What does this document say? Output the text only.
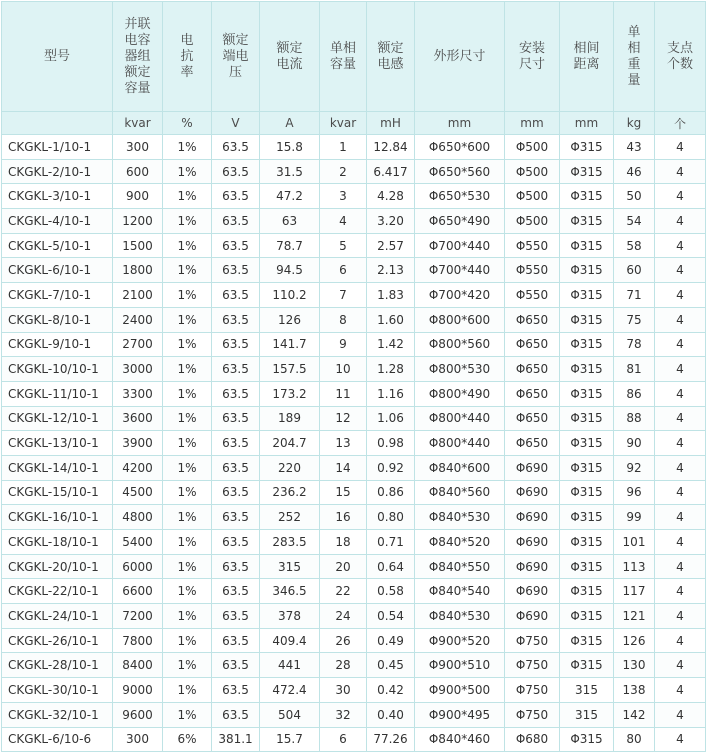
型号	并联
电容
器组
额定
容量	电
抗
率	额定
端电
压	额定
电流	单相
容量	额定
电感	外形尺寸	安装
尺寸	相间
距离	单
相
重
量	支点
个数
	kvar	%	V	A	kvar	mH	mm	mm	mm	kg	个
CKGKL-1/10-1	300	1%	63.5	15.8	1	12.84	Φ650*600	Φ500	Φ315	43	4
CKGKL-2/10-1	600	1%	63.5	31.5	2	6.417	Φ650*560	Φ500	Φ315	46	4
CKGKL-3/10-1	900	1%	63.5	47.2	3	4.28	Φ650*530	Φ500	Φ315	50	4
CKGKL-4/10-1	1200	1%	63.5	63	4	3.20	Φ650*490	Φ500	Φ315	54	4
CKGKL-5/10-1	1500	1%	63.5	78.7	5	2.57	Φ700*440	Φ550	Φ315	58	4
CKGKL-6/10-1	1800	1%	63.5	94.5	6	2.13	Φ700*440	Φ550	Φ315	60	4
CKGKL-7/10-1	2100	1%	63.5	110.2	7	1.83	Φ700*420	Φ550	Φ315	71	4
CKGKL-8/10-1	2400	1%	63.5	126	8	1.60	Φ800*600	Φ650	Φ315	75	4
CKGKL-9/10-1	2700	1%	63.5	141.7	9	1.42	Φ800*560	Φ650	Φ315	78	4
CKGKL-10/10-1	3000	1%	63.5	157.5	10	1.28	Φ800*530	Φ650	Φ315	81	4
CKGKL-11/10-1	3300	1%	63.5	173.2	11	1.16	Φ800*490	Φ650	Φ315	86	4
CKGKL-12/10-1	3600	1%	63.5	189	12	1.06	Φ800*440	Φ650	Φ315	88	4
CKGKL-13/10-1	3900	1%	63.5	204.7	13	0.98	Φ800*440	Φ650	Φ315	90	4
CKGKL-14/10-1	4200	1%	63.5	220	14	0.92	Φ840*600	Φ690	Φ315	92	4
CKGKL-15/10-1	4500	1%	63.5	236.2	15	0.86	Φ840*560	Φ690	Φ315	96	4
CKGKL-16/10-1	4800	1%	63.5	252	16	0.80	Φ840*530	Φ690	Φ315	99	4
CKGKL-18/10-1	5400	1%	63.5	283.5	18	0.71	Φ840*520	Φ690	Φ315	101	4
CKGKL-20/10-1	6000	1%	63.5	315	20	0.64	Φ840*550	Φ690	Φ315	113	4
CKGKL-22/10-1	6600	1%	63.5	346.5	22	0.58	Φ840*540	Φ690	Φ315	117	4
CKGKL-24/10-1	7200	1%	63.5	378	24	0.54	Φ840*530	Φ690	Φ315	121	4
CKGKL-26/10-1	7800	1%	63.5	409.4	26	0.49	Φ900*520	Φ750	Φ315	126	4
CKGKL-28/10-1	8400	1%	63.5	441	28	0.45	Φ900*510	Φ750	Φ315	130	4
CKGKL-30/10-1	9000	1%	63.5	472.4	30	0.42	Φ900*500	Φ750	315	138	4
CKGKL-32/10-1	9600	1%	63.5	504	32	0.40	Φ900*495	Φ750	315	142	4
CKGKL-6/10-6	300	6%	381.1	15.7	6	77.26	Φ840*460	Φ680	Φ315	80	4
